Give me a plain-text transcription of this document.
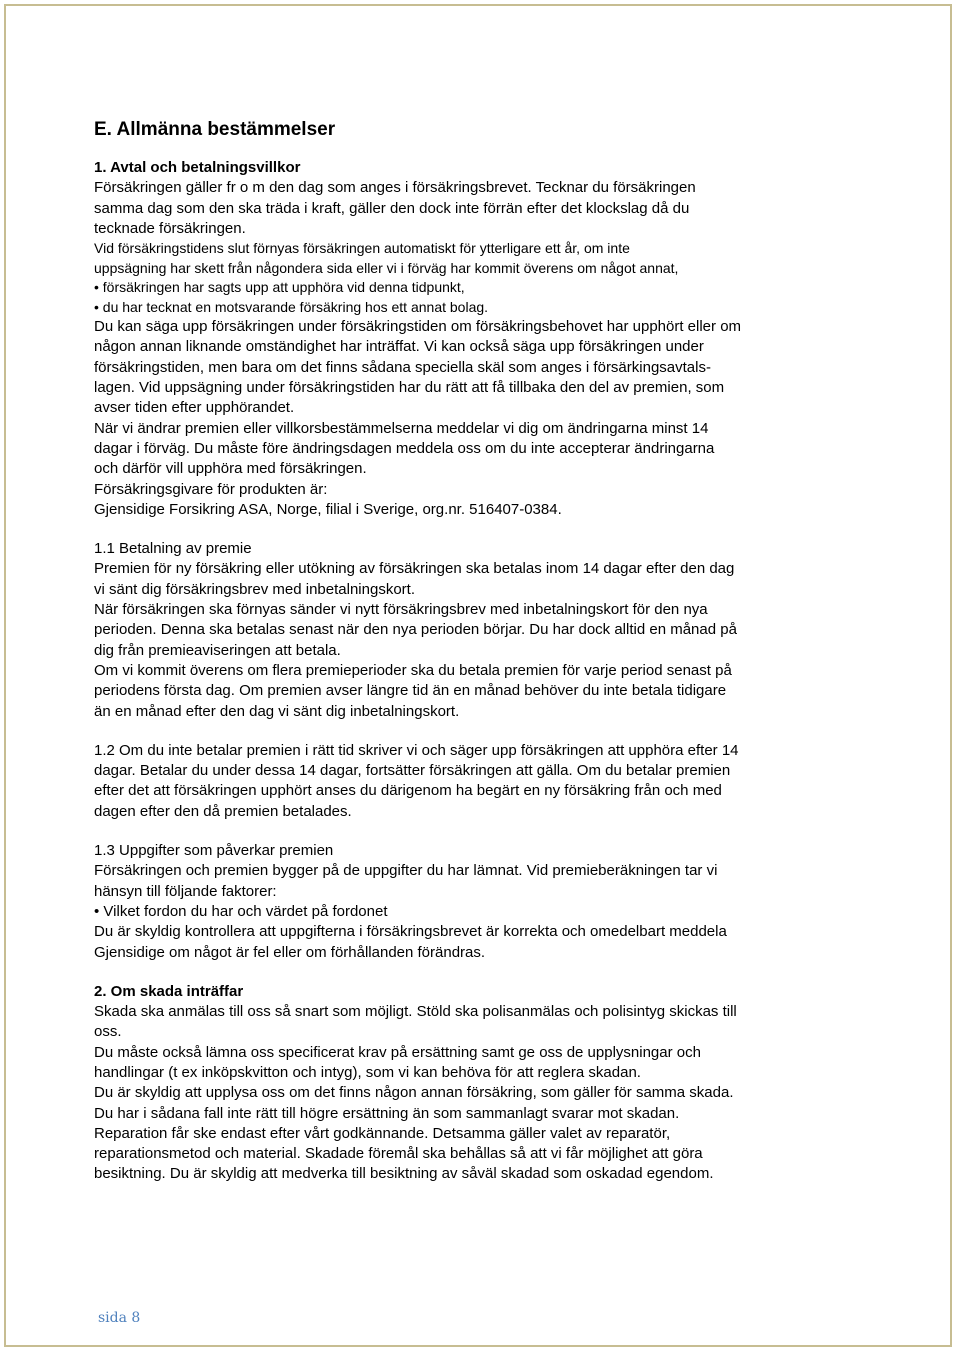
E. Allmänna bestämmelser
1. Avtal och betalningsvillkor
Försäkringen gäller fr o m den dag som anges i försäkringsbrevet. Tecknar du försäkringen
samma dag som den ska träda i kraft, gäller den dock inte förrän efter det klockslag då du
tecknade försäkringen.
Vid försäkringstidens slut förnyas försäkringen automatiskt för ytterligare ett år, om inte
uppsägning har skett från någondera sida eller vi i förväg har kommit överens om något annat,
• försäkringen har sagts upp att upphöra vid denna tidpunkt,
• du har tecknat en motsvarande försäkring hos ett annat bolag.
Du kan säga upp försäkringen under försäkringstiden om försäkringsbehovet har upphört eller om
någon annan liknande omständighet har inträffat. Vi kan också säga upp försäkringen under
försäkringstiden, men bara om det finns sådana speciella skäl som anges i försärkingsavtals-
lagen. Vid uppsägning under försäkringstiden har du rätt att få tillbaka den del av premien, som
avser tiden efter upphörandet.
När vi ändrar premien eller villkorsbestämmelserna meddelar vi dig om ändringarna minst 14
dagar i förväg. Du måste före ändringsdagen meddela oss om du inte accepterar ändringarna
och därför vill upphöra med försäkringen.
Försäkringsgivare för produkten är:
Gjensidige Forsikring ASA, Norge, filial i Sverige, org.nr. 516407-0384.
1.1 Betalning av premie
Premien för ny försäkring eller utökning av försäkringen ska betalas inom 14 dagar efter den dag
vi sänt dig försäkringsbrev med inbetalningskort.
När försäkringen ska förnyas sänder vi nytt försäkringsbrev med inbetalningskort för den nya
perioden. Denna ska betalas senast när den nya perioden börjar. Du har dock alltid en månad på
dig från premieaviseringen att betala.
Om vi kommit överens om flera premieperioder ska du betala premien för varje period senast på
periodens första dag. Om premien avser längre tid än en månad behöver du inte betala tidigare
än en månad efter den dag vi sänt dig inbetalningskort.
1.2 Om du inte betalar premien i rätt tid skriver vi och säger upp försäkringen att upphöra efter 14
dagar. Betalar du under dessa 14 dagar, fortsätter försäkringen att gälla. Om du betalar premien
efter det att försäkringen upphört anses du därigenom ha begärt en ny försäkring från och med
dagen efter den då premien betalades.
1.3 Uppgifter som påverkar premien
Försäkringen och premien bygger på de uppgifter du har lämnat. Vid premieberäkningen tar vi
hänsyn till följande faktorer:
• Vilket fordon du har och värdet på fordonet
Du är skyldig kontrollera att uppgifterna i försäkringsbrevet är korrekta och omedelbart meddela
Gjensidige om något är fel eller om förhållanden förändras.
2. Om skada inträffar
Skada ska anmälas till oss så snart som möjligt. Stöld ska polisanmälas och polisintyg skickas till
oss.
Du måste också lämna oss specificerat krav på ersättning samt ge oss de upplysningar och
handlingar (t ex inköpskvitton och intyg), som vi kan behöva för att reglera skadan.
Du är skyldig att upplysa oss om det finns någon annan försäkring, som gäller för samma skada.
Du har i sådana fall inte rätt till högre ersättning än som sammanlagt svarar mot skadan.
Reparation får ske endast efter vårt godkännande. Detsamma gäller valet av reparatör,
reparationsmetod och material. Skadade föremål ska behållas så att vi får möjlighet att göra
besiktning. Du är skyldig att medverka till besiktning av såväl skadad som oskadad egendom.
sida 8
